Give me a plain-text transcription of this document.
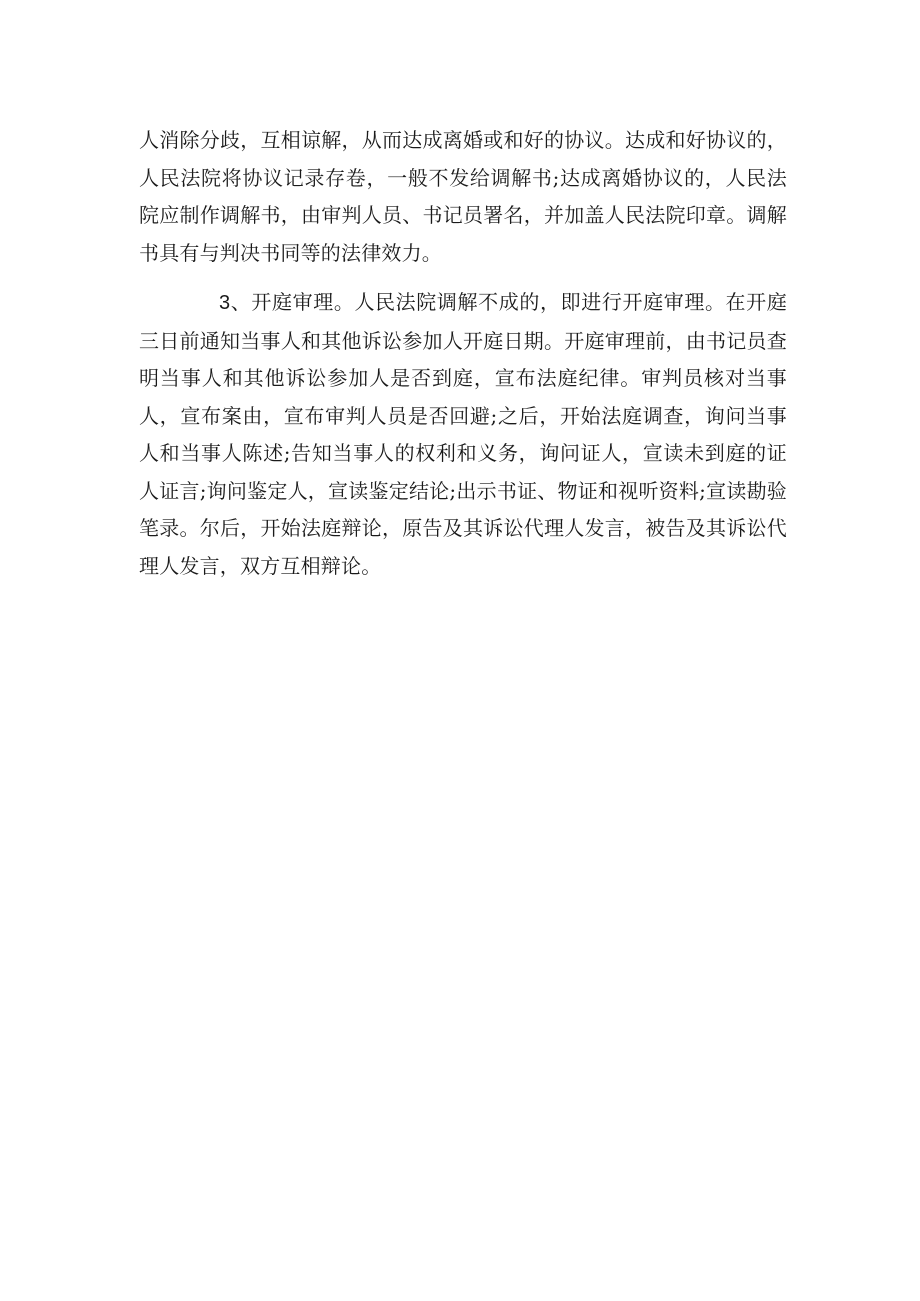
人消除分歧，互相谅解，从而达成离婚或和好的协议。达成和好协议的，人民法院将协议记录存卷，一般不发给调解书;达成离婚协议的，人民法院应制作调解书，由审判人员、书记员署名，并加盖人民法院印章。调解书具有与判决书同等的法律效力。

3、开庭审理。人民法院调解不成的，即进行开庭审理。在开庭三日前通知当事人和其他诉讼参加人开庭日期。开庭审理前，由书记员查明当事人和其他诉讼参加人是否到庭，宣布法庭纪律。审判员核对当事人，宣布案由，宣布审判人员是否回避;之后，开始法庭调查，询问当事人和当事人陈述;告知当事人的权利和义务，询问证人，宣读未到庭的证人证言;询问鉴定人，宣读鉴定结论;出示书证、物证和视听资料;宣读勘验笔录。尔后，开始法庭辩论，原告及其诉讼代理人发言，被告及其诉讼代理人发言，双方互相辩论。
